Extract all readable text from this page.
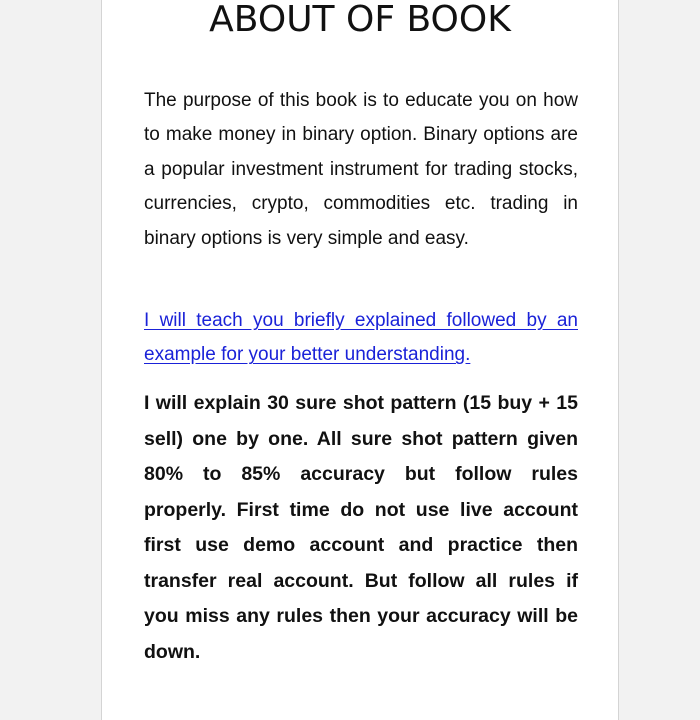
ABOUT OF BOOK

The purpose of this book is to educate you on how to make money in binary option. Binary options are a popular investment instrument for trading stocks, currencies, crypto, commodities etc. trading in binary options is very simple and easy.

I will teach you briefly explained followed by an example for your better understanding.

I will explain 30 sure shot pattern (15 buy + 15 sell) one by one. All sure shot pattern given 80% to 85% accuracy but follow rules properly. First time do not use live account first use demo account and practice then transfer real account. But follow all rules if you miss any rules then your accuracy will be down.
